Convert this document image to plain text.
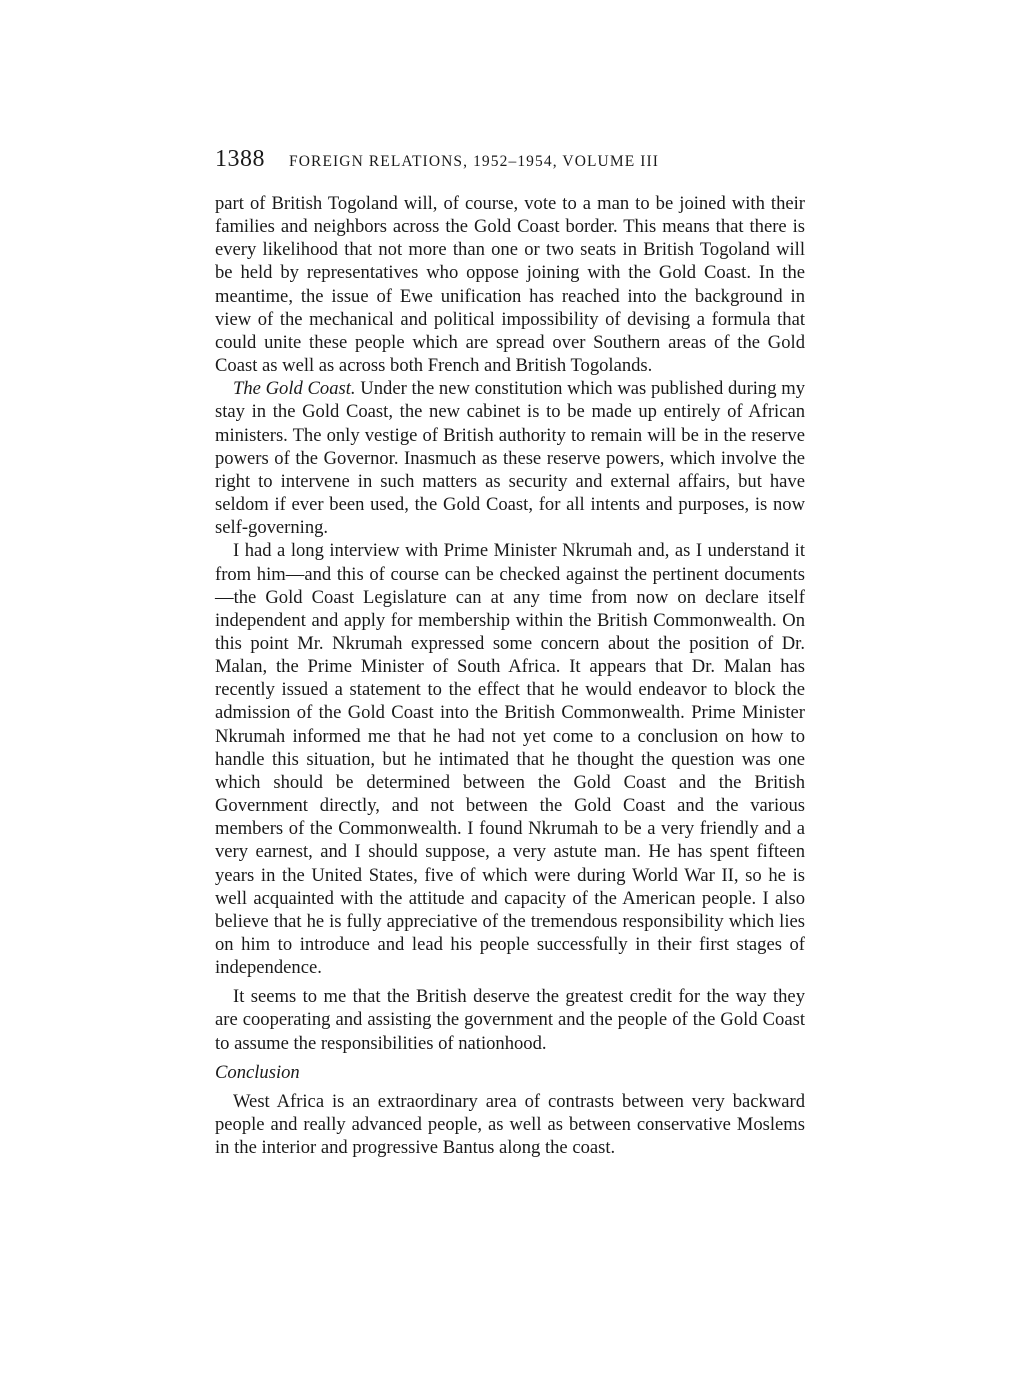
1388 FOREIGN RELATIONS, 1952–1954, VOLUME III

part of British Togoland will, of course, vote to a man to be joined with their families and neighbors across the Gold Coast border. This means that there is every likelihood that not more than one or two seats in British Togoland will be held by representatives who oppose joining with the Gold Coast. In the meantime, the issue of Ewe unification has reached into the background in view of the mechanical and political impossibility of devising a formula that could unite these people which are spread over Southern areas of the Gold Coast as well as across both French and British Togolands.

The Gold Coast. Under the new constitution which was published during my stay in the Gold Coast, the new cabinet is to be made up entirely of African ministers. The only vestige of British authority to remain will be in the reserve powers of the Governor. Inasmuch as these reserve powers, which involve the right to intervene in such matters as security and external affairs, but have seldom if ever been used, the Gold Coast, for all intents and purposes, is now self-governing.

I had a long interview with Prime Minister Nkrumah and, as I understand it from him—and this of course can be checked against the pertinent documents—the Gold Coast Legislature can at any time from now on declare itself independent and apply for membership within the British Commonwealth. On this point Mr. Nkrumah expressed some concern about the position of Dr. Malan, the Prime Minister of South Africa. It appears that Dr. Malan has recently issued a statement to the effect that he would endeavor to block the admission of the Gold Coast into the British Commonwealth. Prime Minister Nkrumah informed me that he had not yet come to a conclusion on how to handle this situation, but he intimated that he thought the question was one which should be determined between the Gold Coast and the British Government directly, and not between the Gold Coast and the various members of the Commonwealth. I found Nkrumah to be a very friendly and a very earnest, and I should suppose, a very astute man. He has spent fifteen years in the United States, five of which were during World War II, so he is well acquainted with the attitude and capacity of the American people. I also believe that he is fully appreciative of the tremendous responsibility which lies on him to introduce and lead his people successfully in their first stages of independence.

It seems to me that the British deserve the greatest credit for the way they are cooperating and assisting the government and the people of the Gold Coast to assume the responsibilities of nationhood.

Conclusion

West Africa is an extraordinary area of contrasts between very backward people and really advanced people, as well as between conservative Moslems in the interior and progressive Bantus along the coast.
